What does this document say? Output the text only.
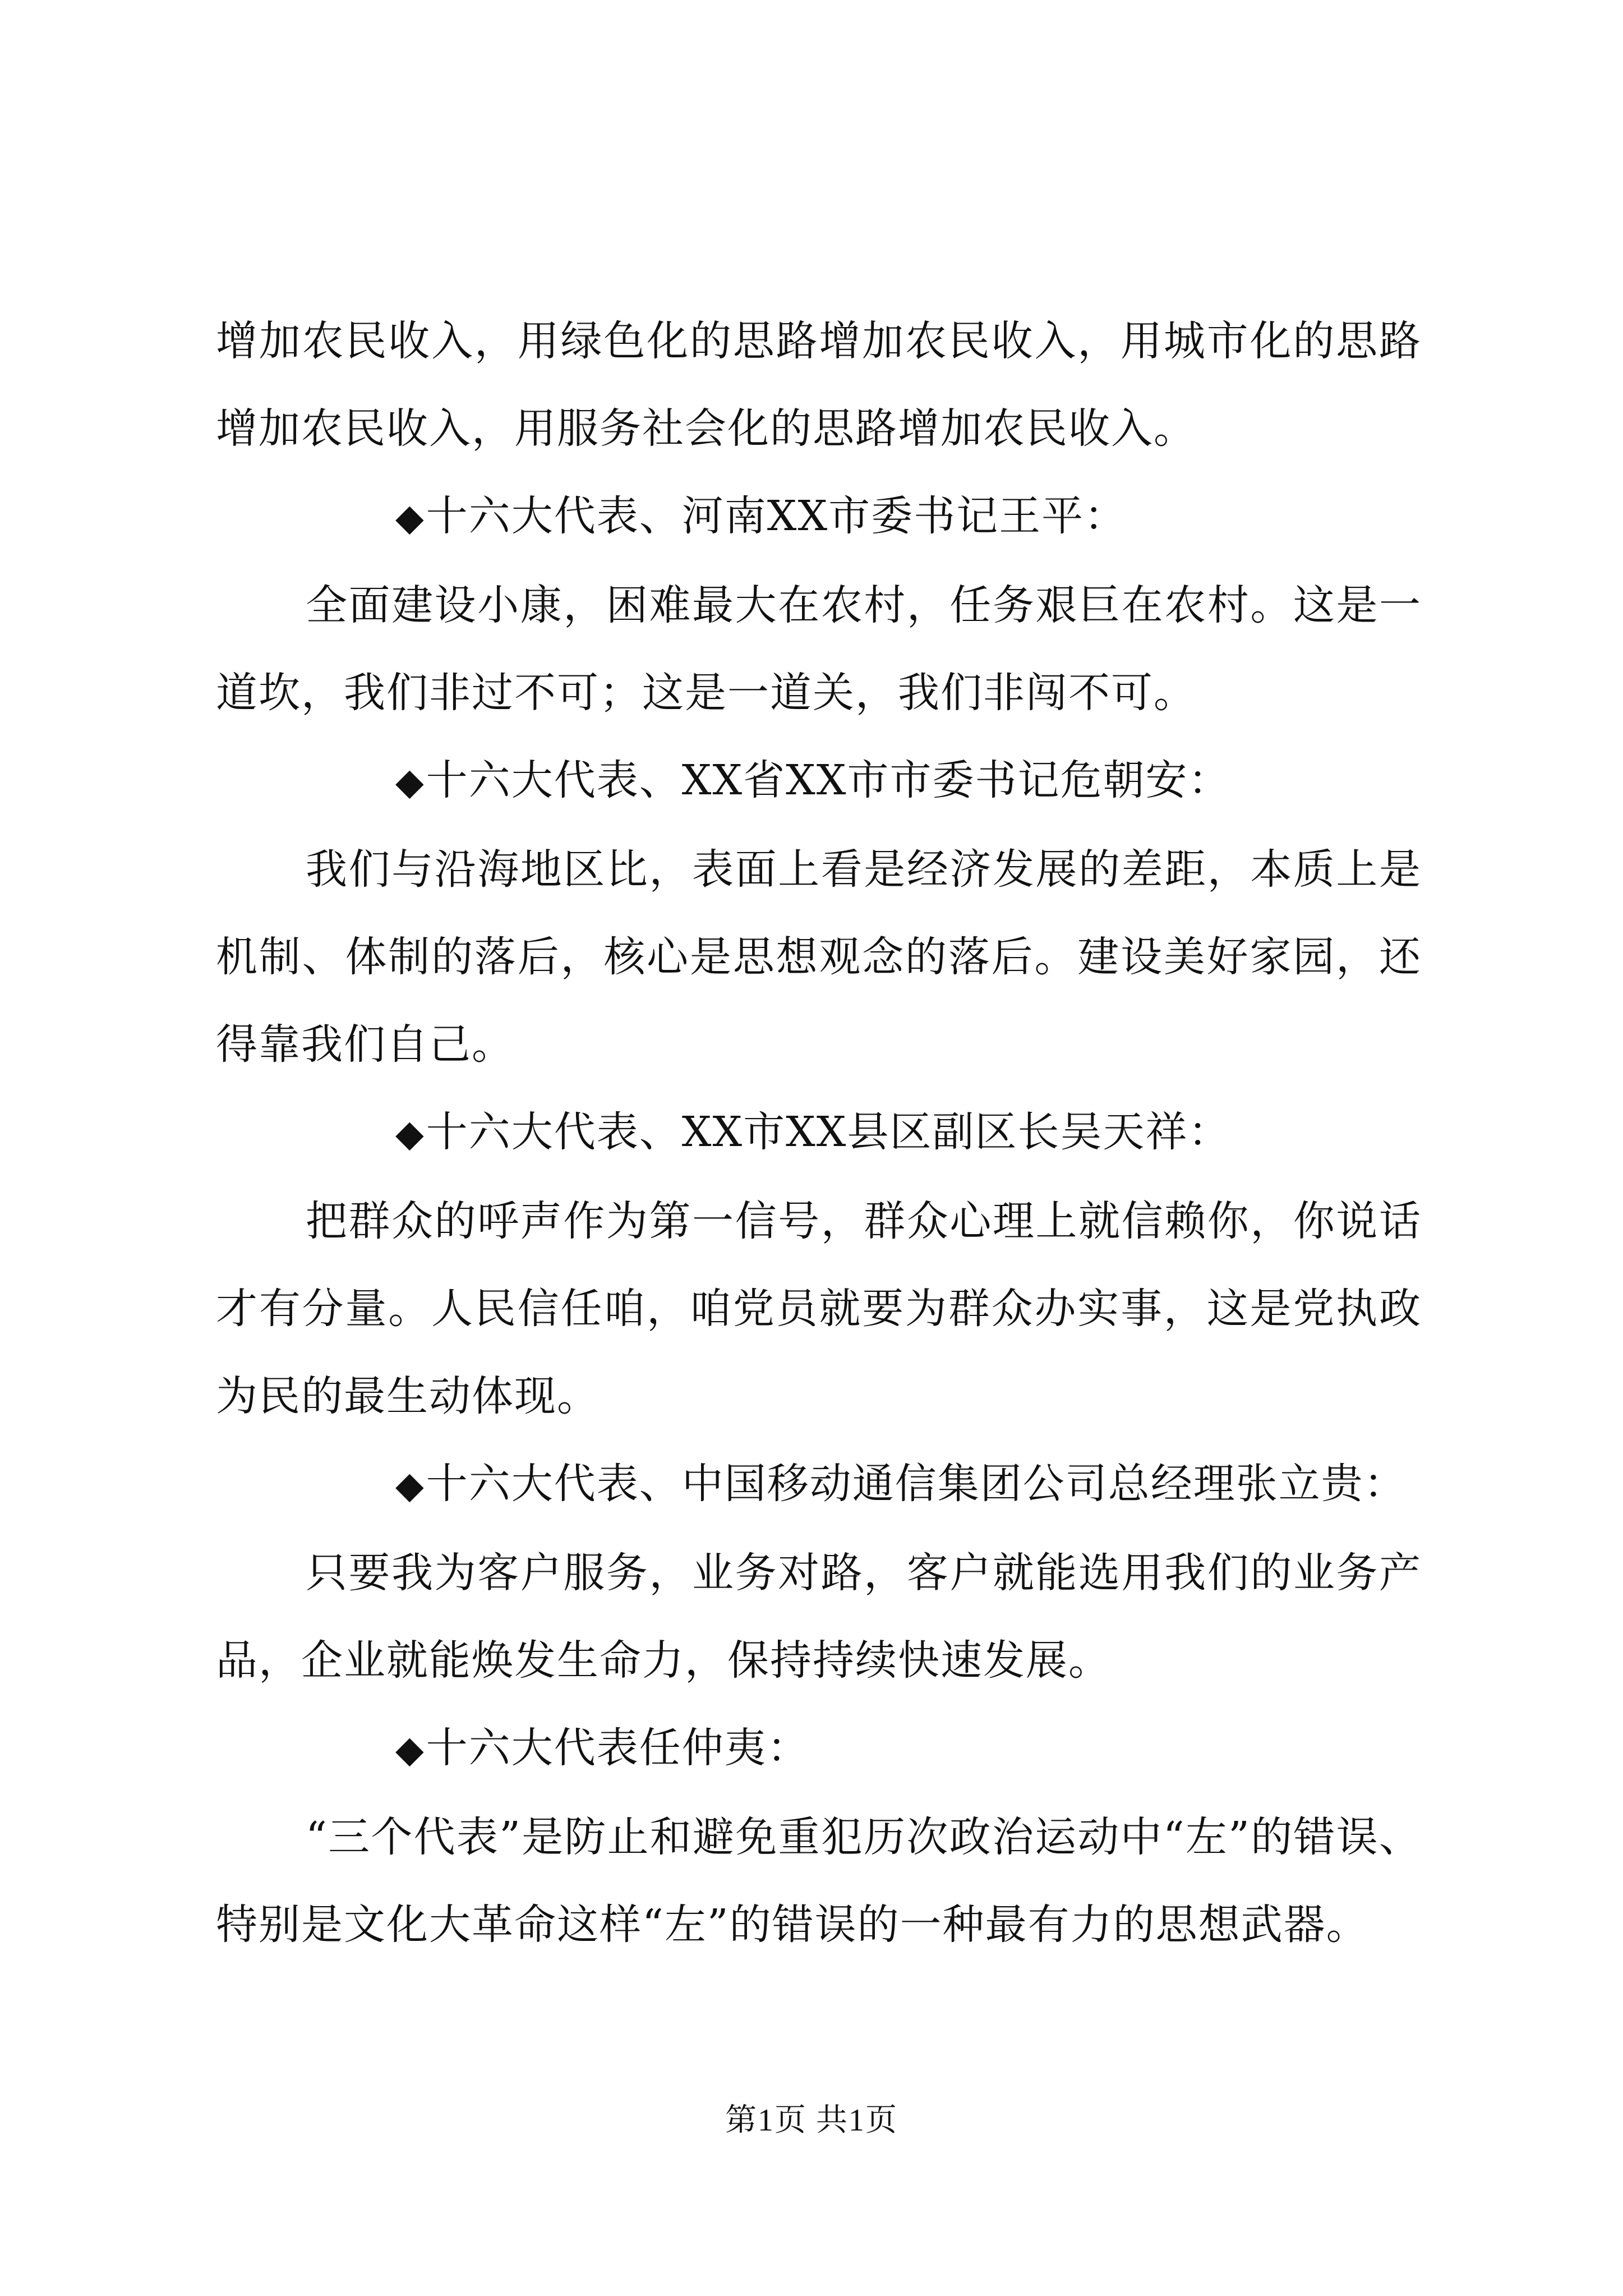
增加农民收入，用绿色化的思路增加农民收入，用城市化的思路增加农民收入，用服务社会化的思路增加农民收入。

◆十六大代表、河南XX市委书记王平：

全面建设小康，困难最大在农村，任务艰巨在农村。这是一道坎，我们非过不可；这是一道关，我们非闯不可。

◆十六大代表、XX省XX市市委书记危朝安：

我们与沿海地区比，表面上看是经济发展的差距，本质上是机制、体制的落后，核心是思想观念的落后。建设美好家园，还得靠我们自己。

◆十六大代表、XX市XX县区副区长吴天祥：

把群众的呼声作为第一信号，群众心理上就信赖你，你说话才有分量。人民信任咱，咱党员就要为群众办实事，这是党执政为民的最生动体现。

◆十六大代表、中国移动通信集团公司总经理张立贵：

只要我为客户服务，业务对路，客户就能选用我们的业务产品，企业就能焕发生命力，保持持续快速发展。

◆十六大代表任仲夷：

“三个代表”是防止和避免重犯历次政治运动中“左”的错误、特别是文化大革命这样“左”的错误的一种最有力的思想武器。

第1页 共1页
